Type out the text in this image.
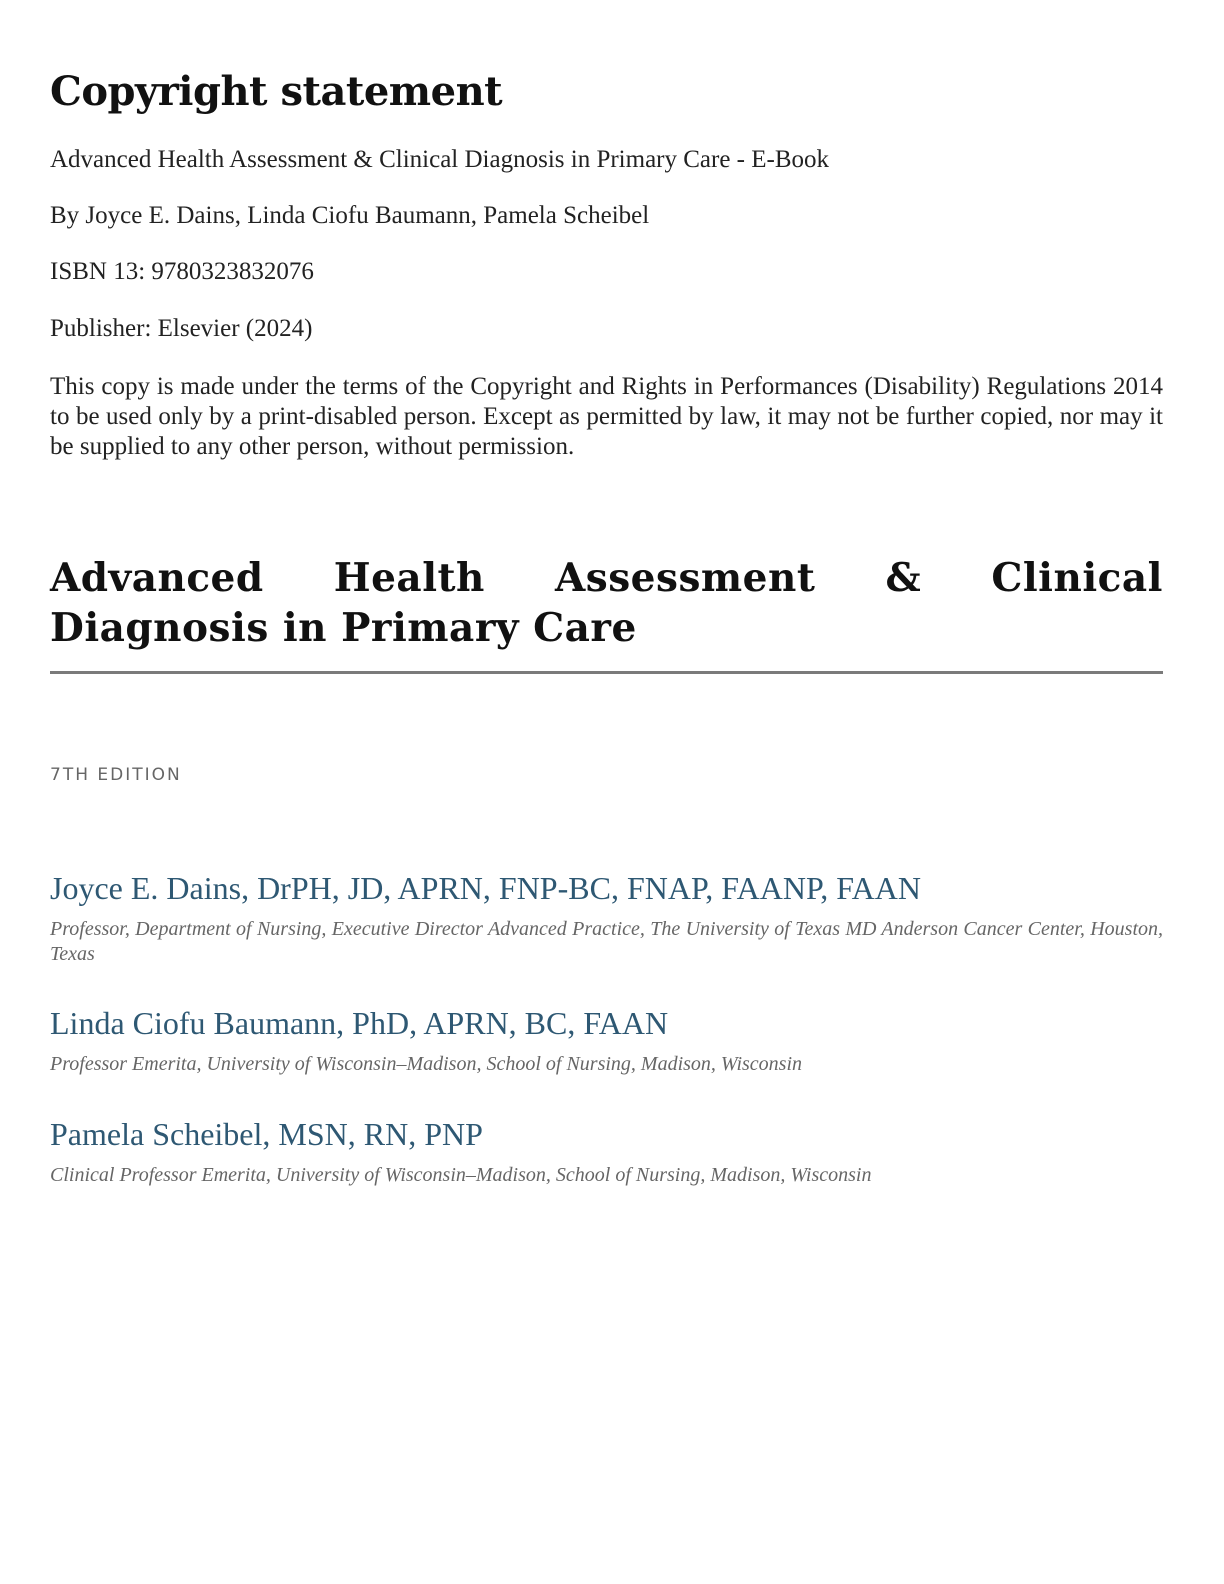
Copyright statement

Advanced Health Assessment & Clinical Diagnosis in Primary Care - E-Book

By Joyce E. Dains, Linda Ciofu Baumann, Pamela Scheibel

ISBN 13: 9780323832076

Publisher: Elsevier (2024)

This copy is made under the terms of the Copyright and Rights in Performances (Disability) Regulations 2014 to be used only by a print-disabled person. Except as permitted by law, it may not be further copied, nor may it be supplied to any other person, without permission.

Advanced Health Assessment & Clinical Diagnosis in Primary Care

7TH EDITION

Joyce E. Dains, DrPH, JD, APRN, FNP-BC, FNAP, FAANP, FAAN

Professor, Department of Nursing, Executive Director Advanced Practice, The University of Texas MD Anderson Cancer Center, Houston, Texas

Linda Ciofu Baumann, PhD, APRN, BC, FAAN

Professor Emerita, University of Wisconsin–Madison, School of Nursing, Madison, Wisconsin

Pamela Scheibel, MSN, RN, PNP

Clinical Professor Emerita, University of Wisconsin–Madison, School of Nursing, Madison, Wisconsin
